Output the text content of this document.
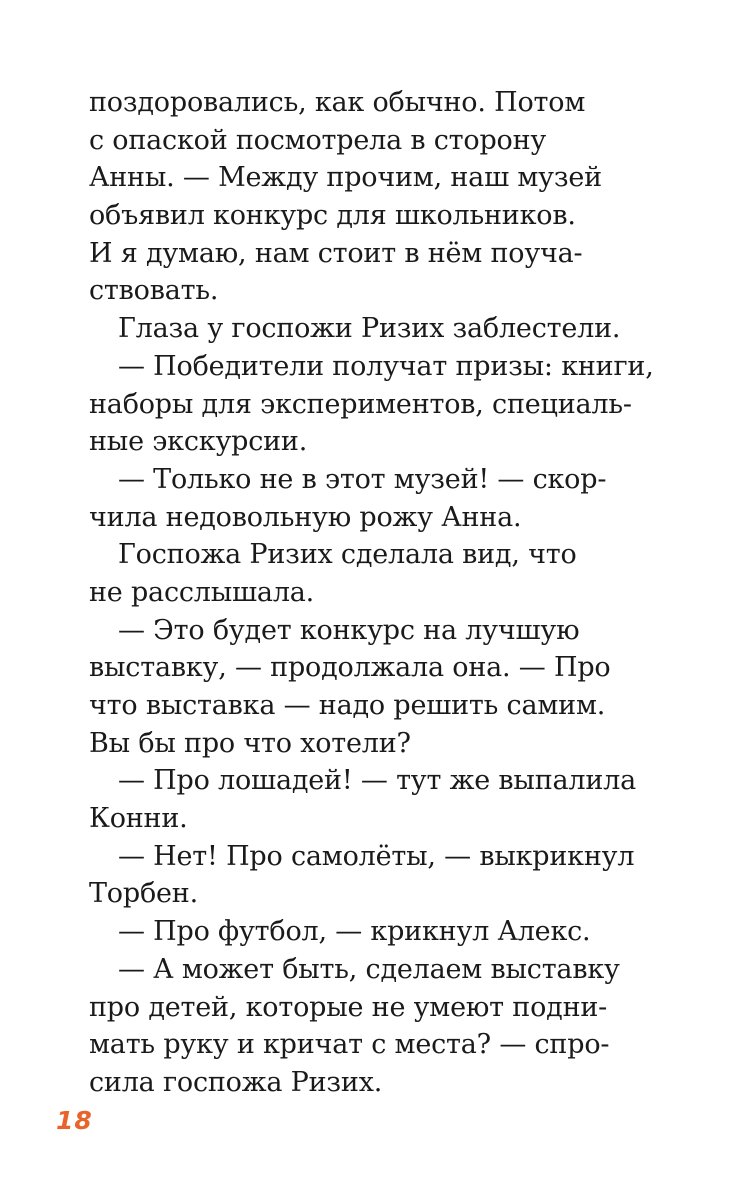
поздоровались, как обычно. Потом
с опаской посмотрела в сторону
Анны. — Между прочим, наш музей
объявил конкурс для школьников.
И я думаю, нам стоит в нём поуча-
ствовать.
Глаза у госпожи Ризих заблестели.
— Победители получат призы: книги,
наборы для экспериментов, специаль-
ные экскурсии.
— Только не в этот музей! — скор-
чила недовольную рожу Анна.
Госпожа Ризих сделала вид, что
не расслышала.
— Это будет конкурс на лучшую
выставку, — продолжала она. — Про
что выставка — надо решить самим.
Вы бы про что хотели?
— Про лошадей! — тут же выпалила
Конни.
— Нет! Про самолёты, — выкрикнул
Торбен.
— Про футбол, — крикнул Алекс.
— А может быть, сделаем выставку
про детей, которые не умеют подни-
мать руку и кричат с места? — спро-
сила госпожа Ризих.
18
